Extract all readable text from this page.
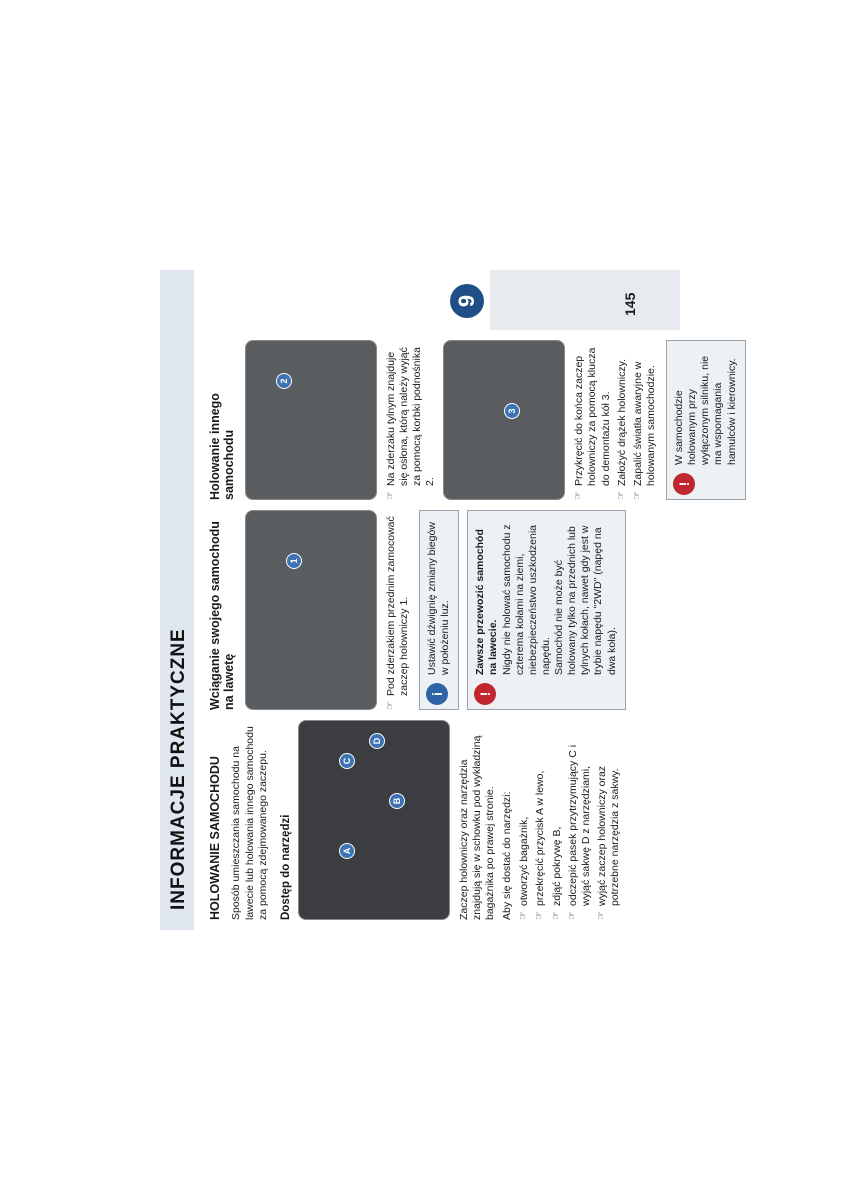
INFORMACJE PRAKTYCZNE
9	145
HOLOWANIE SAMOCHODU Sposób umieszczania samochodu na lawecie lub holowania innego samochodu za pomocą zdejmowanego zaczepu. Dostęp do narzędzi	A
B
C
D

Zaczep holowniczy oraz narzędzia znajdują się w schowku pod wykładziną bagażnika po prawej stronie. Aby się dostać do narzędzi: ☞ otworzyć bagażnik, ☞ przekręcić przycisk A w lewo, ☞ zdjąć pokrywę B, ☞ odczepić pasek przytrzymujący C i wyjąć sakwę D z narzędziami, ☞ wyjąć zaczep holowniczy oraz potrzebne narzędzia z sakwy.
Wciąganie swojego samochodu na lawetę
1	☞ Pod zderzakiem przednim zamocować zaczep holowniczy 1. i

Ustawić dźwignię zmiany biegów w położeniu luz.

!

Zawsze przewozić samochód na lawecie. Nigdy nie holować samochodu z czterema kołami na ziemi, niebezpieczeństwo uszkodzenia napędu. Samochód nie może być holowany tylko na przednich lub tylnych kołach, nawet gdy jest w trybie napędu "2WD" (napęd na dwa koła).

Holowanie innego samochodu
2	☞ Na zderzaku tylnym znajduje się osłona, którą należy wyjąć za pomocą korbki podnośnika 2.
3	☞ Przykręcić do końca zaczep holowniczy za pomocą klucza do demontażu kół 3. ☞ Założyć drążek holowniczy. ☞ Zapalić światła awaryjne w holowanym samochodzie. !

W samochodzie holowanym przy wyłączonym silniku, nie ma wspomagania hamulców i kierownicy.
